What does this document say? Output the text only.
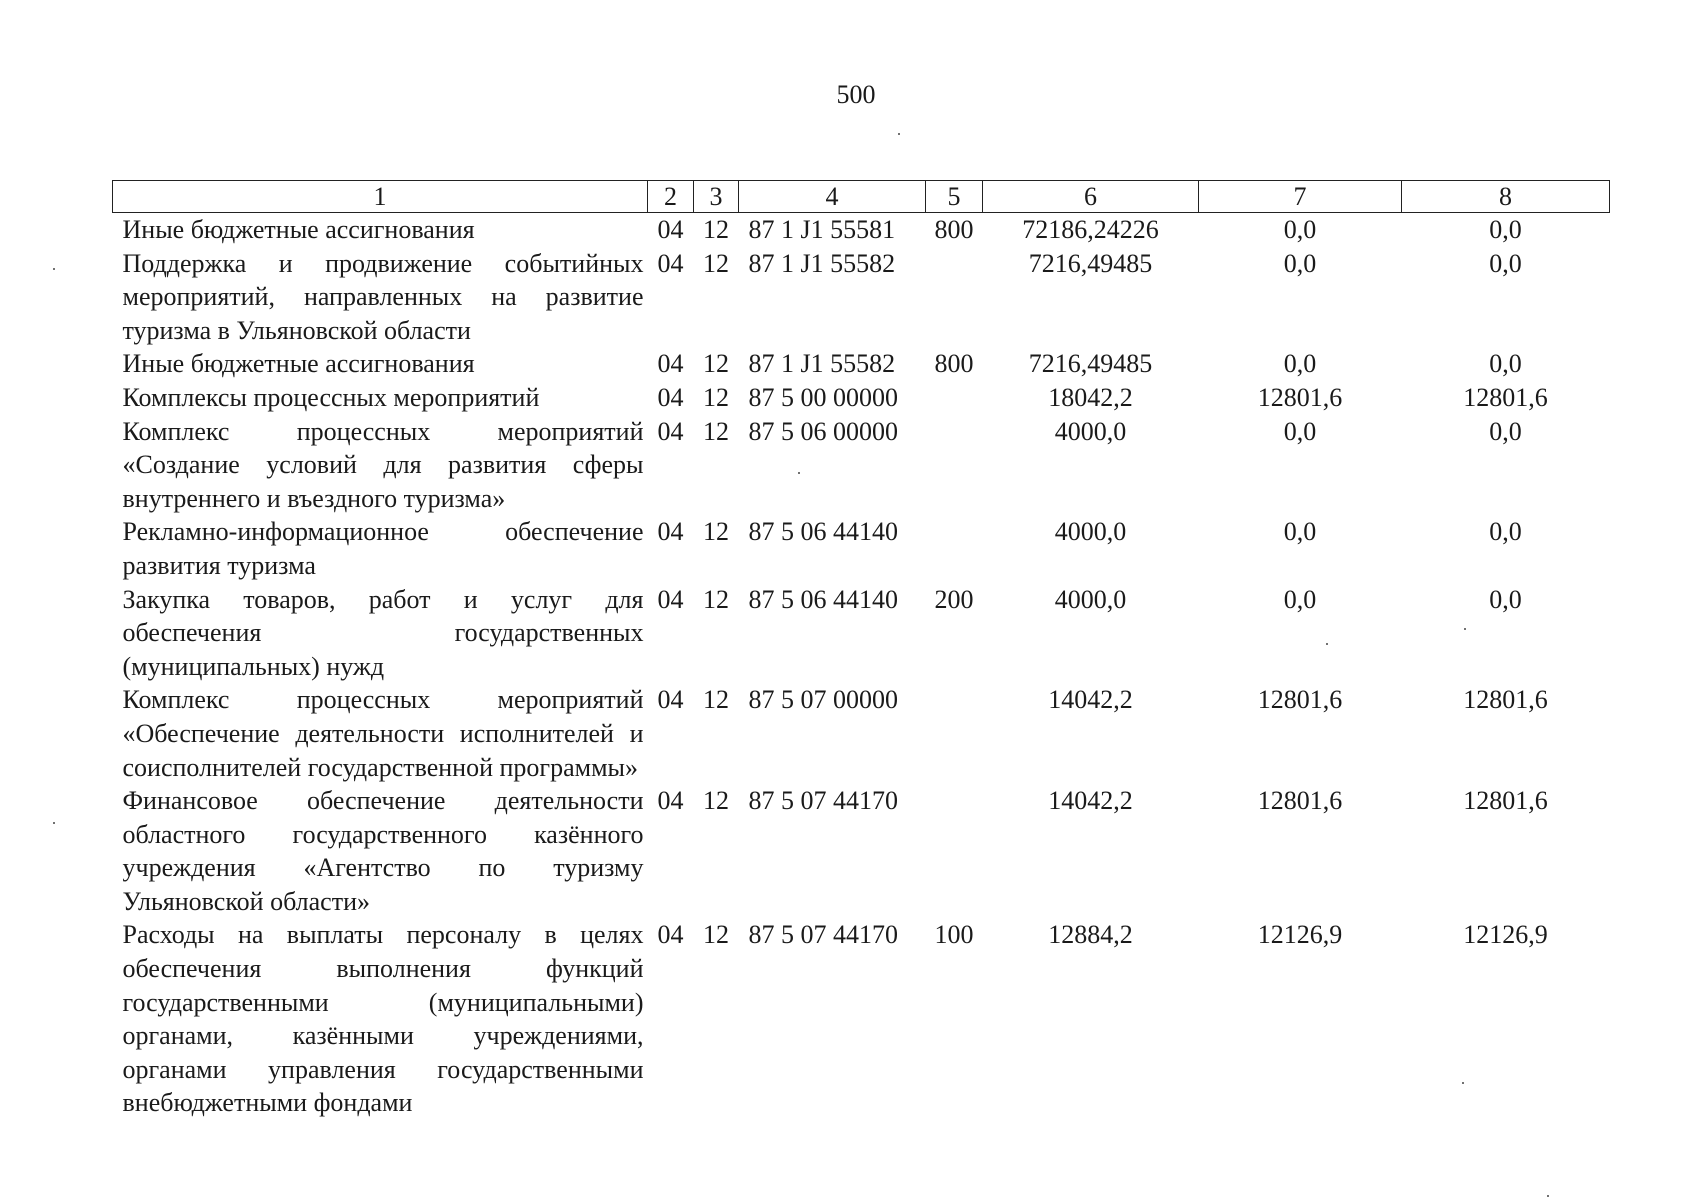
500
1	2	3	4	5	6	7	8
Иные бюджетные ассигнования	04	12	87 1 J1 55581	800	72186,24226	0,0	0,0
Поддержка и продвижение событийных мероприятий, направленных на развитие туризма в Ульяновской области	04	12	87 1 J1 55582		7216,49485	0,0	0,0
Иные бюджетные ассигнования	04	12	87 1 J1 55582	800	7216,49485	0,0	0,0
Комплексы процессных мероприятий	04	12	87 5 00 00000		18042,2	12801,6	12801,6
Комплекс процессных мероприятий «Создание условий для развития сферы внутреннего и въездного туризма»	04	12	87 5 06 00000		4000,0	0,0	0,0
Рекламно-информационное обеспечение развития туризма	04	12	87 5 06 44140		4000,0	0,0	0,0
Закупка товаров, работ и услуг для обеспечения государственных (муниципальных) нужд	04	12	87 5 06 44140	200	4000,0	0,0	0,0
Комплекс процессных мероприятий «Обеспечение деятельности исполнителей и соисполнителей государственной программы»	04	12	87 5 07 00000		14042,2	12801,6	12801,6
Финансовое обеспечение деятельности областного государственного казённого учреждения «Агентство по туризму Ульяновской области»	04	12	87 5 07 44170		14042,2	12801,6	12801,6
Расходы на выплаты персоналу в целях обеспечения выполнения функций государственными (муниципальными) органами, казёнными учреждениями, органами управления государственными внебюджетными фондами	04	12	87 5 07 44170	100	12884,2	12126,9	12126,9
